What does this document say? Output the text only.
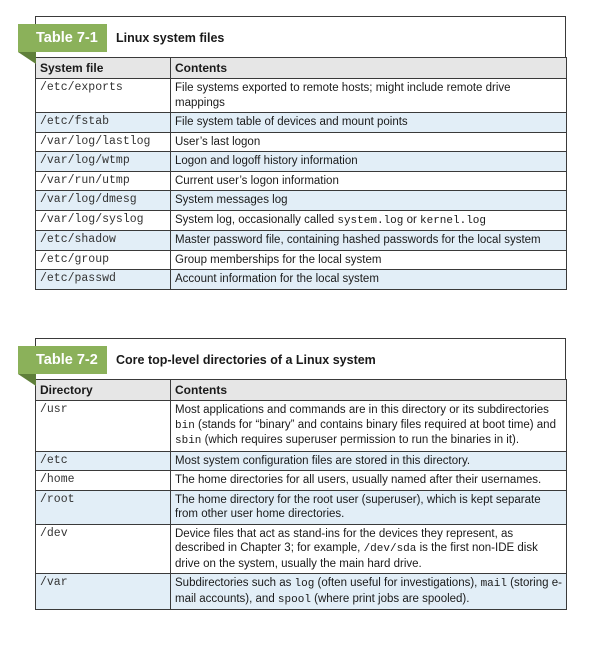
Table 7-1	Linux system files
System file	Contents
/etc/exports	File systems exported to remote hosts; might include remote drive mappings
/etc/fstab	File system table of devices and mount points
/var/log/lastlog	User’s last logon
/var/log/wtmp	Logon and logoff history information
/var/run/utmp	Current user’s logon information
/var/log/dmesg	System messages log
/var/log/syslog	System log, occasionally called system.log or kernel.log
/etc/shadow	Master password file, containing hashed passwords for the local system
/etc/group	Group memberships for the local system
/etc/passwd	Account information for the local system
Table 7-2	Core top-level directories of a Linux system
Directory	Contents
/usr	Most applications and commands are in this directory or its subdirectories bin (stands for “binary” and contains binary files required at boot time) and sbin (which requires superuser permission to run the binaries in it).
/etc	Most system configuration files are stored in this directory.
/home	The home directories for all users, usually named after their usernames.
/root	The home directory for the root user (superuser), which is kept separate from other user home directories.
/dev	Device files that act as stand-ins for the devices they represent, as described in Chapter 3; for example, /dev/sda is the first non-IDE disk drive on the system, usually the main hard drive.
/var	Subdirectories such as log (often useful for investigations), mail (storing e-mail accounts), and spool (where print jobs are spooled).
